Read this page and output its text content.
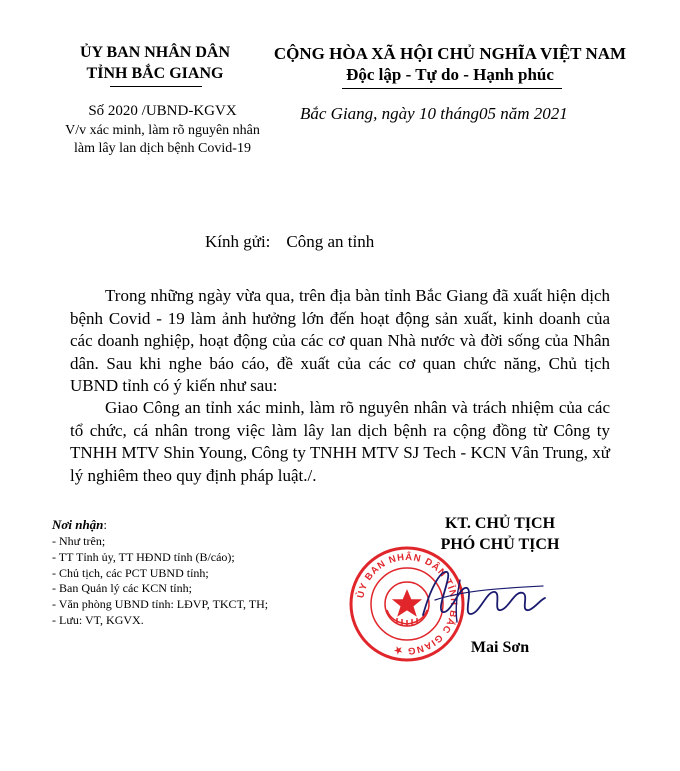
ỦY BAN NHÂN DÂN
TỈNH BẮC GIANG
Số 2020 /UBND-KGVX
V/v xác minh, làm rõ nguyên nhân làm lây lan dịch bệnh Covid-19
CỘNG HÒA XÃ HỘI CHỦ NGHĨA VIỆT NAM
Độc lập - Tự do - Hạnh phúc
Bắc Giang, ngày 10 tháng05 năm 2021
Kính gửi: Công an tỉnh
Trong những ngày vừa qua, trên địa bàn tỉnh Bắc Giang đã xuất hiện dịch bệnh Covid - 19 làm ảnh hưởng lớn đến hoạt động sản xuất, kinh doanh của các doanh nghiệp, hoạt động của các cơ quan Nhà nước và đời sống của Nhân dân. Sau khi nghe báo cáo, đề xuất của các cơ quan chức năng, Chủ tịch UBND tỉnh có ý kiến như sau:
Giao Công an tỉnh xác minh, làm rõ nguyên nhân và trách nhiệm của các tổ chức, cá nhân trong việc làm lây lan dịch bệnh ra cộng đồng từ Công ty TNHH MTV Shin Young, Công ty TNHH MTV SJ Tech - KCN Vân Trung, xử lý nghiêm theo quy định pháp luật./.
Nơi nhận:
- Như trên;
- TT Tỉnh ủy, TT HĐND tỉnh (B/cáo);
- Chủ tịch, các PCT UBND tỉnh;
- Ban Quản lý các KCN tỉnh;
- Văn phòng UBND tỉnh: LĐVP, TKCT, TH;
- Lưu: VT, KGVX.
KT. CHỦ TỊCH
PHÓ CHỦ TỊCH
ỦY BAN NHÂN DÂN TỈNH BẮC GIANG ★	Mai Sơn
